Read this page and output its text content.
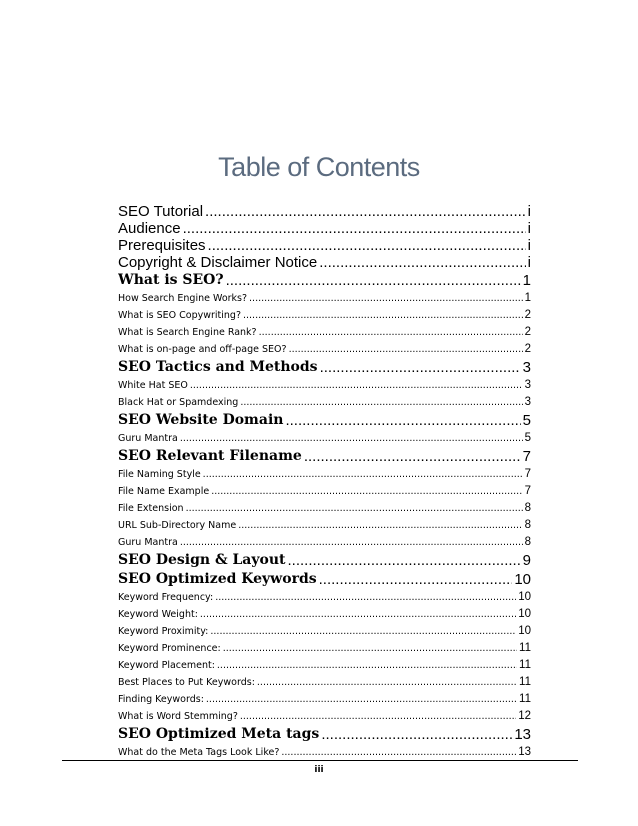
Table of Contents
SEO Tutorial .....	i
Audience .....	i
Prerequisites .....	i
Copyright & Disclaimer Notice .....	i
What is SEO? .....	1
How Search Engine Works? .....	1
What is SEO Copywriting? .....	2
What is Search Engine Rank? .....	2
What is on-page and off-page SEO? .....	2
SEO Tactics and Methods .....	3
White Hat SEO .....	3
Black Hat or Spamdexing .....	3
SEO Website Domain .....	5
Guru Mantra .....	5
SEO Relevant Filename .....	7
File Naming Style .....	7
File Name Example .....	7
File Extension .....	8
URL Sub-Directory Name .....	8
Guru Mantra .....	8
SEO Design & Layout .....	9
SEO Optimized Keywords .....	10
Keyword Frequency: .....	10
Keyword Weight: .....	10
Keyword Proximity: .....	10
Keyword Prominence: .....	11
Keyword Placement: .....	11
Best Places to Put Keywords: .....	11
Finding Keywords: .....	11
What is Word Stemming? .....	12
SEO Optimized Meta tags .....	13
What do the Meta Tags Look Like? .....	13
iii
